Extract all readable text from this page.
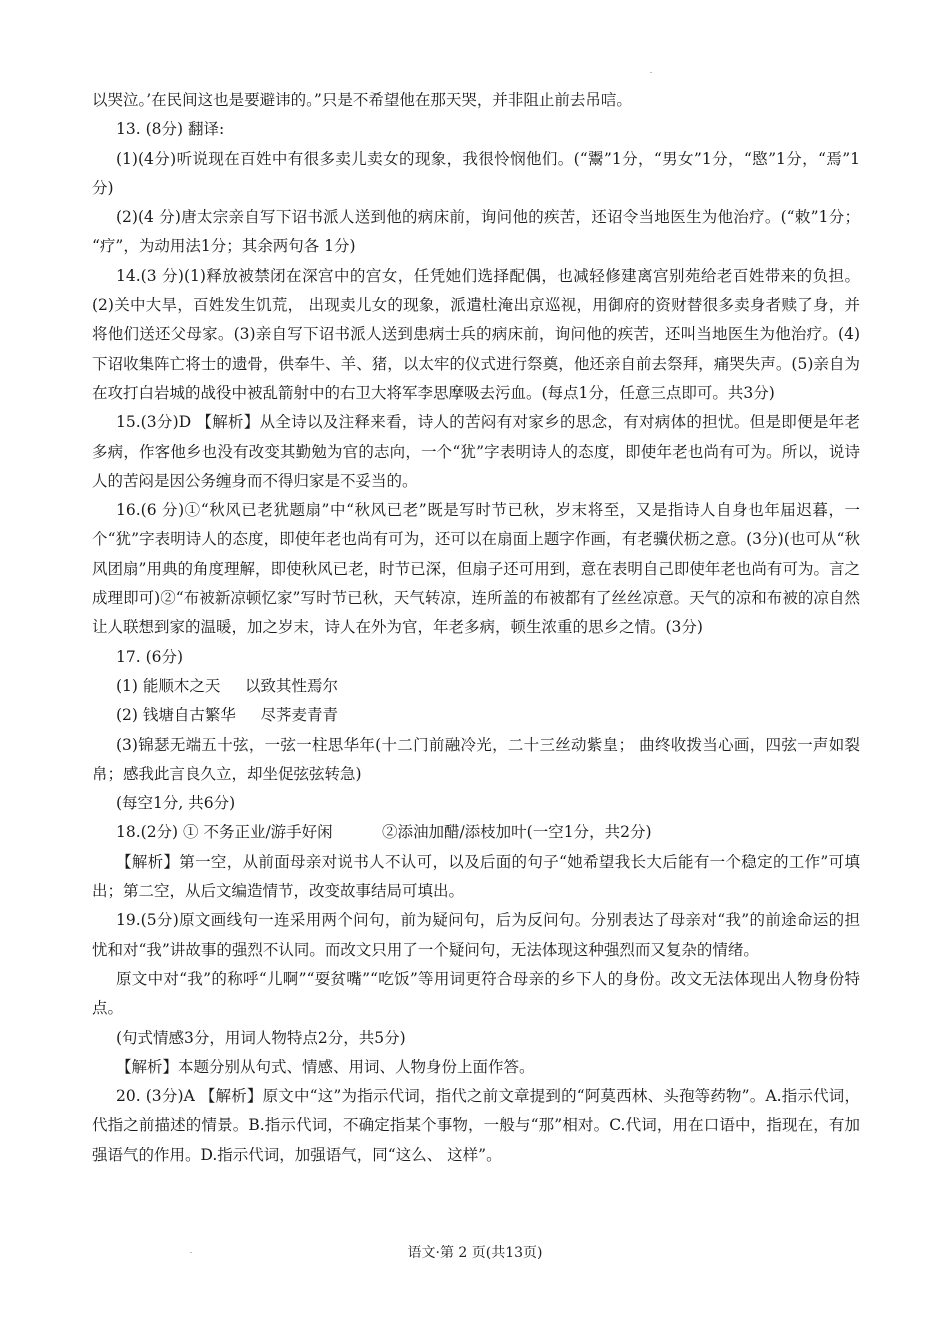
以哭泣。’在民间这也是要避讳的。”只是不希望他在那天哭，并非阻止前去吊唁。

13. (8分) 翻译:

(1)(4分)听说现在百姓中有很多卖儿卖女的现象，我很怜悯他们。(“鬻”1分，“男女”1分，“愍”1分，“焉”1分)

(2)(4 分)唐太宗亲自写下诏书派人送到他的病床前，询问他的疾苦，还诏令当地医生为他治疗。(“敕”1分； “疗”，为动用法1分；其余两句各 1分)

14.(3 分)(1)释放被禁闭在深宫中的宫女，任凭她们选择配偶，也减轻修建离宫别苑给老百姓带来的负担。(2)关中大旱，百姓发生饥荒， 出现卖儿女的现象，派遣杜淹出京巡视，用御府的资财替很多卖身者赎了身，并将他们送还父母家。(3)亲自写下诏书派人送到患病士兵的病床前，询问他的疾苦，还叫当地医生为他治疗。(4)下诏收集阵亡将士的遗骨，供奉牛、羊、猪，以太牢的仪式进行祭奠，他还亲自前去祭拜，痛哭失声。(5)亲自为在攻打白岩城的战役中被乱箭射中的右卫大将军李思摩吸去污血。(每点1分，任意三点即可。共3分)

15.(3分)D 【解析】从全诗以及注释来看，诗人的苦闷有对家乡的思念，有对病体的担忧。但是即便是年老多病，作客他乡也没有改变其勤勉为官的志向，一个“犹”字表明诗人的态度，即使年老也尚有可为。所以，说诗人的苦闷是因公务缠身而不得归家是不妥当的。

16.(6 分)①“秋风已老犹题扇”中“秋风已老”既是写时节已秋，岁末将至，又是指诗人自身也年届迟暮，一个“犹”字表明诗人的态度，即使年老也尚有可为，还可以在扇面上题字作画，有老骥伏枥之意。(3分)(也可从“秋风团扇”用典的角度理解，即使秋风已老，时节已深，但扇子还可用到，意在表明自己即使年老也尚有可为。言之成理即可)②“布被新凉顿忆家”写时节已秋，天气转凉，连所盖的布被都有了丝丝凉意。天气的凉和布被的凉自然让人联想到家的温暖，加之岁末，诗人在外为官，年老多病，顿生浓重的思乡之情。(3分)

17. (6分)

(1) 能顺木之天     以致其性焉尔

(2) 钱塘自古繁华     尽荠麦青青

(3)锦瑟无端五十弦，一弦一柱思华年(十二门前融冷光，二十三丝动紫皇； 曲终收拨当心画，四弦一声如裂帛；感我此言良久立，却坐促弦弦转急)

(每空1分, 共6分)

18.(2分) ① 不务正业/游手好闲          ②添油加醋/添枝加叶(一空1分，共2分)

【解析】第一空，从前面母亲对说书人不认可，以及后面的句子“她希望我长大后能有一个稳定的工作”可填出；第二空，从后文编造情节，改变故事结局可填出。

19.(5分)原文画线句一连采用两个问句，前为疑问句，后为反问句。分别表达了母亲对“我”的前途命运的担忧和对“我”讲故事的强烈不认同。而改文只用了一个疑问句，无法体现这种强烈而又复杂的情绪。

原文中对“我”的称呼“儿啊”“耍贫嘴”“吃饭”等用词更符合母亲的乡下人的身份。改文无法体现出人物身份特点。

(句式情感3分，用词人物特点2分，共5分)

【解析】本题分别从句式、情感、用词、人物身份上面作答。

20. (3分)A 【解析】原文中“这”为指示代词，指代之前文章提到的“阿莫西林、头孢等药物”。A.指示代词，代指之前描述的情景。B.指示代词，不确定指某个事物，一般与“那”相对。C.代词，用在口语中，指现在，有加强语气的作用。D.指示代词，加强语气，同“这么、 这样”。

语文·第 2 页(共13页)
